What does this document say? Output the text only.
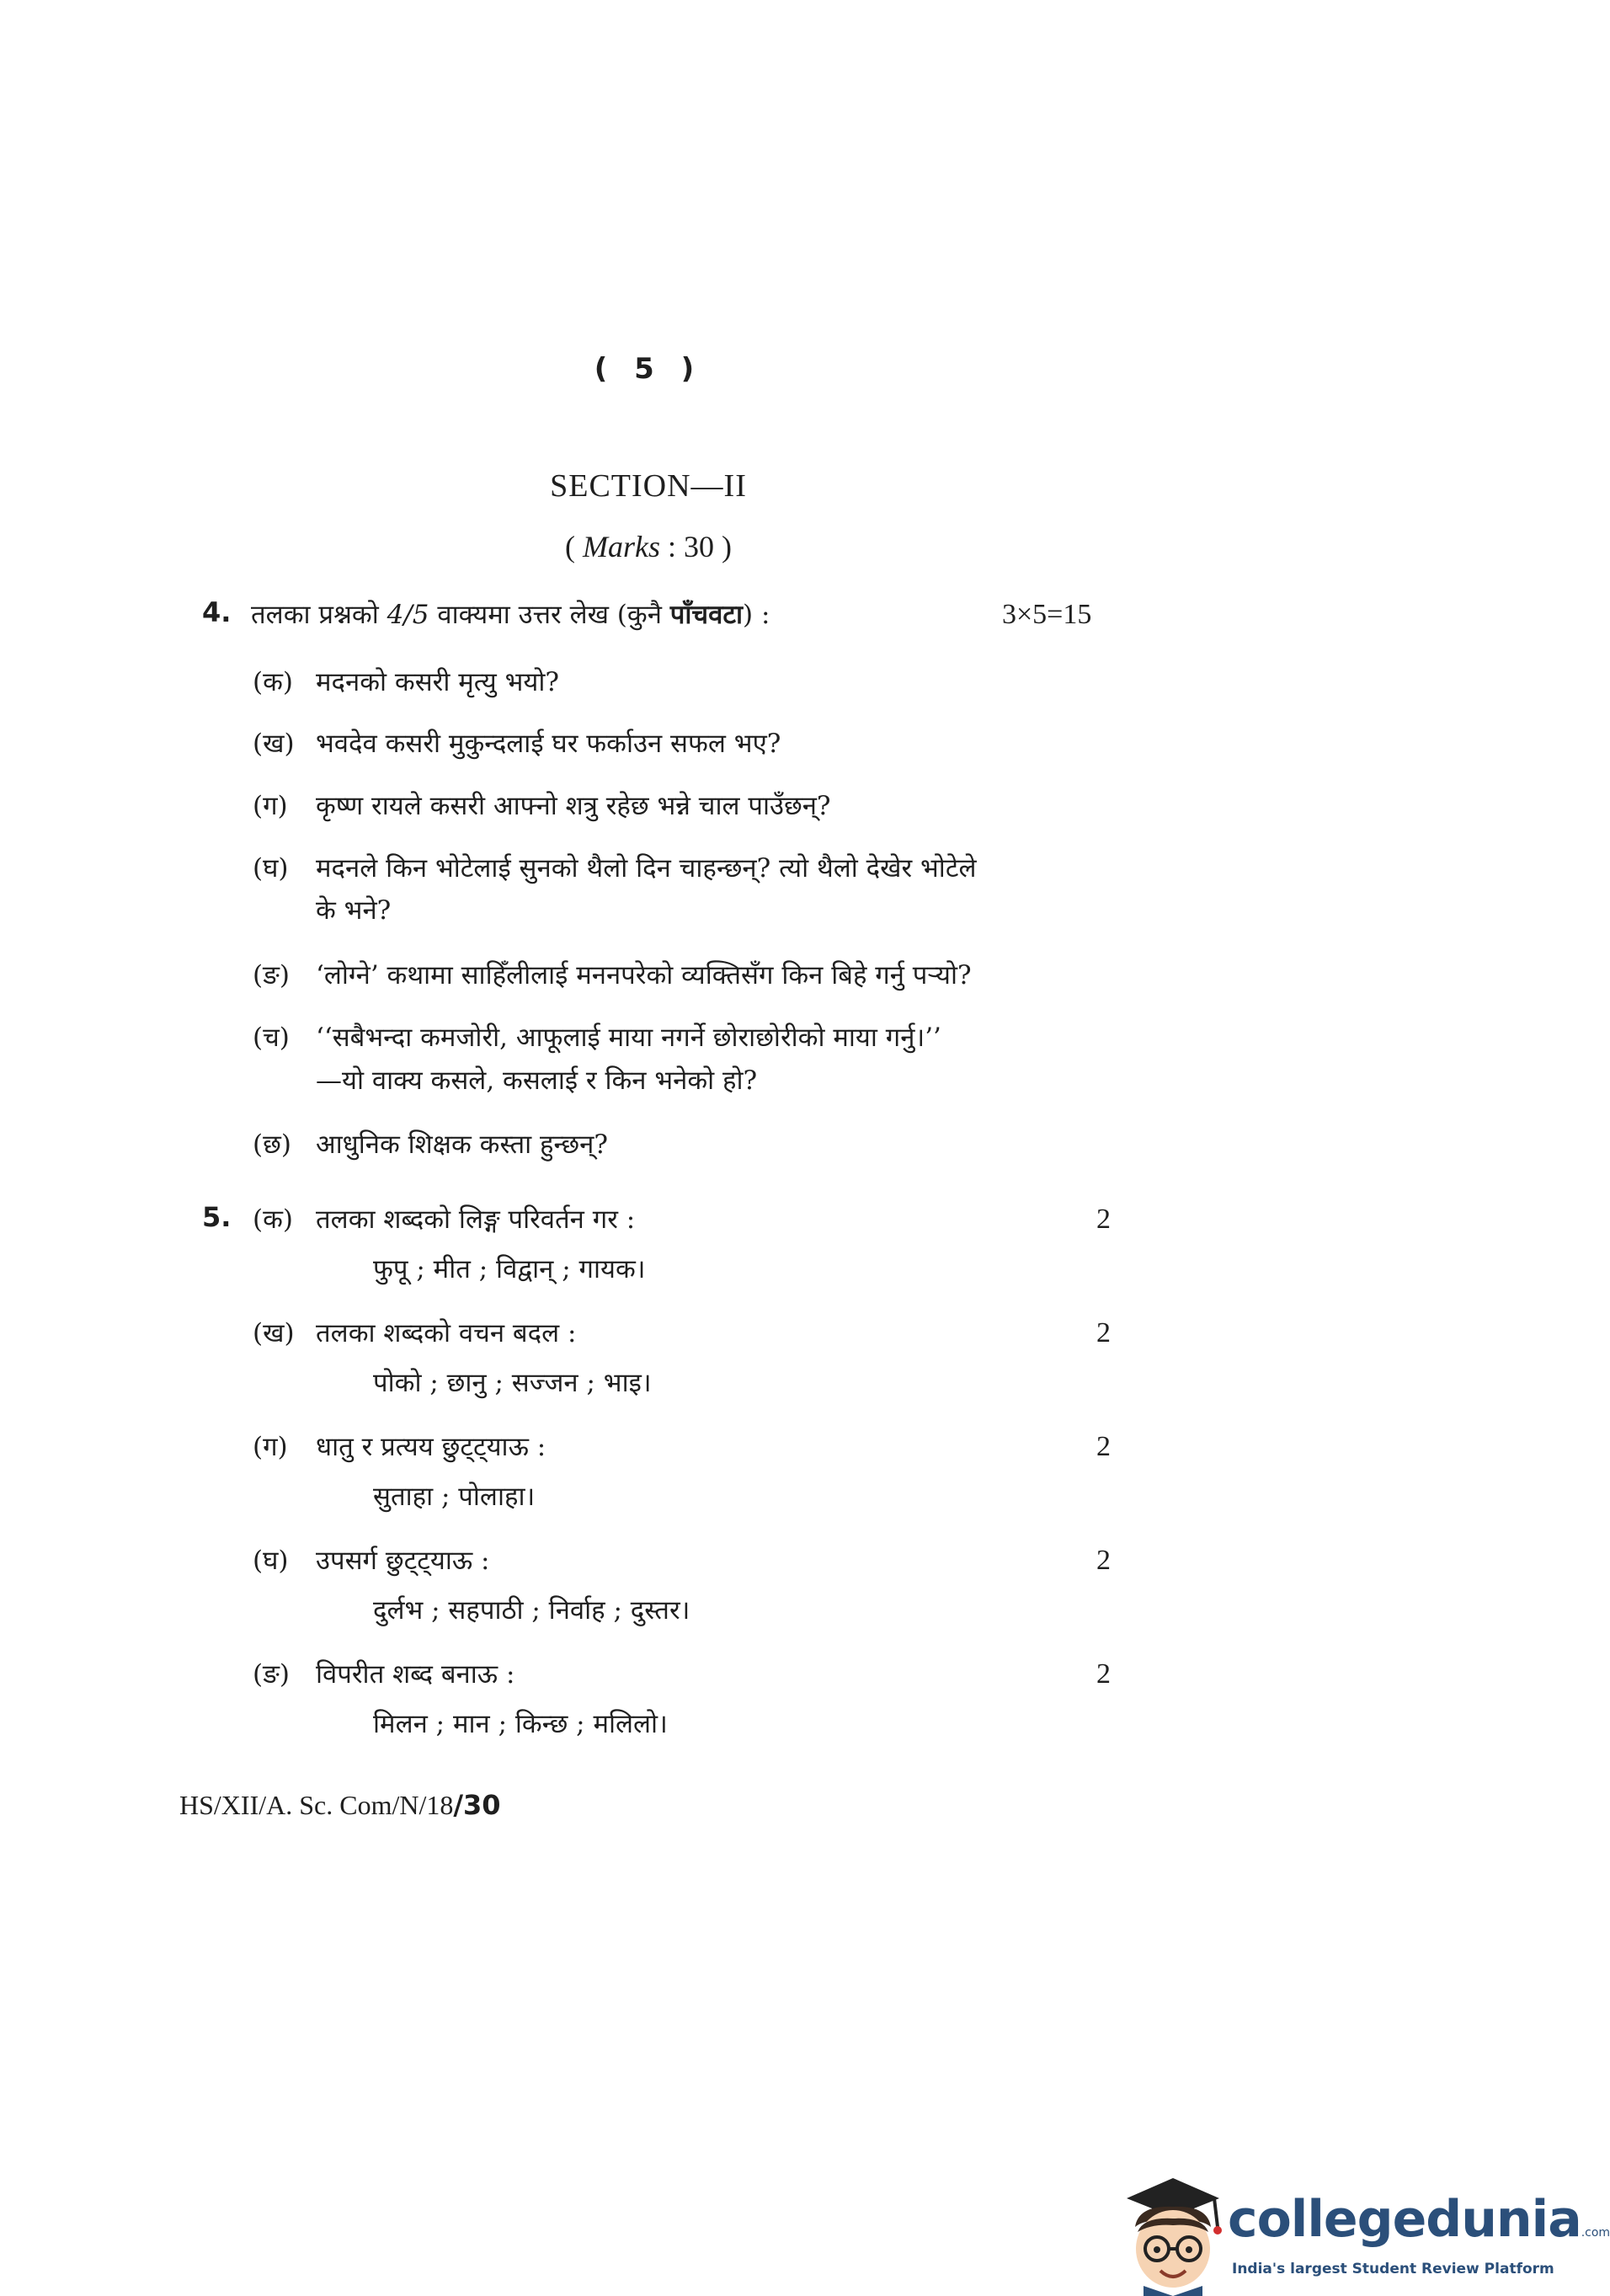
( 5 )
SECTION—II
( Marks : 30 )
4. तलका प्रश्नको 4/5 वाक्यमा उत्तर लेख (कुनै पाँचवटा) :	3×5=15
(क) मदनको कसरी मृत्यु भयो?
(ख) भवदेव कसरी मुकुन्दलाई घर फर्काउन सफल भए?
(ग) कृष्ण रायले कसरी आफ्नो शत्रु रहेछ भन्ने चाल पाउँछन्?
(घ) मदनले किन भोटेलाई सुनको थैलो दिन चाहन्छन्? त्यो थैलो देखेर भोटेले
के भने?
(ङ) ‘लोग्ने’ कथामा साहिँलीलाई मननपरेको व्यक्तिसँग किन बिहे गर्नु पर्‍यो?
(च) ‘‘सबैभन्दा कमजोरी, आफूलाई माया नगर्ने छोराछोरीको माया गर्नु।’’
—यो वाक्य कसले, कसलाई र किन भनेको हो?
(छ) आधुनिक शिक्षक कस्ता हुन्छन्?
5. (क) तलका शब्दको लिङ्ग परिवर्तन गर :	2
फुपू ; मीत ; विद्वान् ; गायक।
(ख) तलका शब्दको वचन बदल :	2
पोको ; छानु ; सज्जन ; भाइ।
(ग) धातु र प्रत्यय छुट्ट्याऊ :	2
सुताहा ; पोलाहा।
(घ) उपसर्ग छुट्ट्याऊ :	2
दुर्लभ ; सहपाठी ; निर्वाह ; दुस्तर।
(ङ) विपरीत शब्द बनाऊ :	2
मिलन ; मान ; किन्छ ; मलिलो।
HS/XII/A. Sc. Com/N/18/30
collegedunia.com
India's largest Student Review Platform
